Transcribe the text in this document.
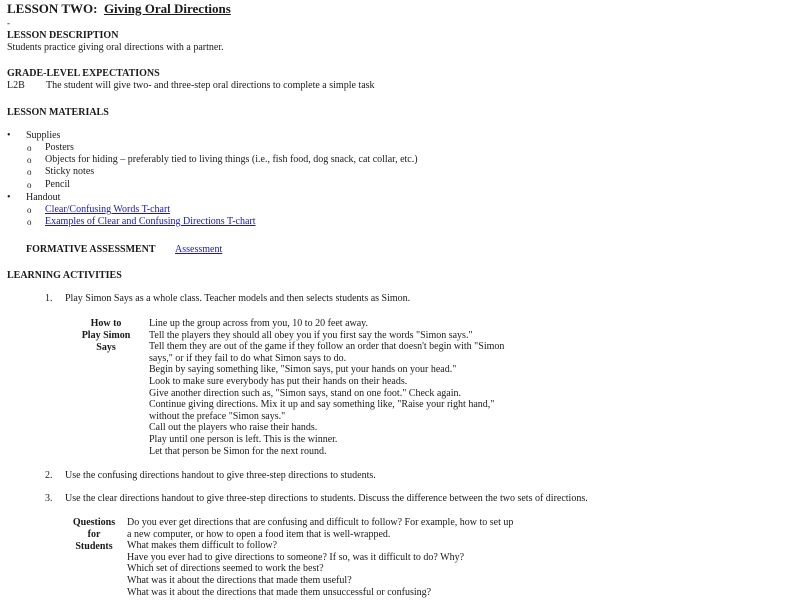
LESSON TWO: Giving Oral Directions
-
LESSON DESCRIPTION
Students practice giving oral directions with a partner.
GRADE-LEVEL EXPECTATIONS
L2B The student will give two- and three-step oral directions to complete a simple task
LESSON MATERIALS
•	Supplies
o Posters
o Objects for hiding – preferably tied to living things (i.e., fish food, dog snack, cat collar, etc.)
o Sticky notes
o Pencil
•	Handout
o Clear/Confusing Words T-chart
o Examples of Clear and Confusing Directions T-chart
FORMATIVE ASSESSMENT Assessment
LEARNING ACTIVITIES
1. Play Simon Says as a whole class. Teacher models and then selects students as Simon.
How to
Play Simon
Says
Line up the group across from you, 10 to 20 feet away.
Tell the players they should all obey you if you first say the words "Simon says."
Tell them they are out of the game if they follow an order that doesn't begin with "Simon
says," or if they fail to do what Simon says to do.
Begin by saying something like, "Simon says, put your hands on your head."
Look to make sure everybody has put their hands on their heads.
Give another direction such as, "Simon says, stand on one foot." Check again.
Continue giving directions. Mix it up and say something like, "Raise your right hand,"
without the preface "Simon says."
Call out the players who raise their hands.
Play until one person is left. This is the winner.
Let that person be Simon for the next round.
2. Use the confusing directions handout to give three-step directions to students.
3. Use the clear directions handout to give three-step directions to students. Discuss the difference between the two sets of directions.
Questions
for
Students
Do you ever get directions that are confusing and difficult to follow? For example, how to set up
a new computer, or how to open a food item that is well-wrapped.
What makes them difficult to follow?
Have you ever had to give directions to someone? If so, was it difficult to do? Why?
Which set of directions seemed to work the best?
What was it about the directions that made them useful?
What was it about the directions that made them unsuccessful or confusing?
